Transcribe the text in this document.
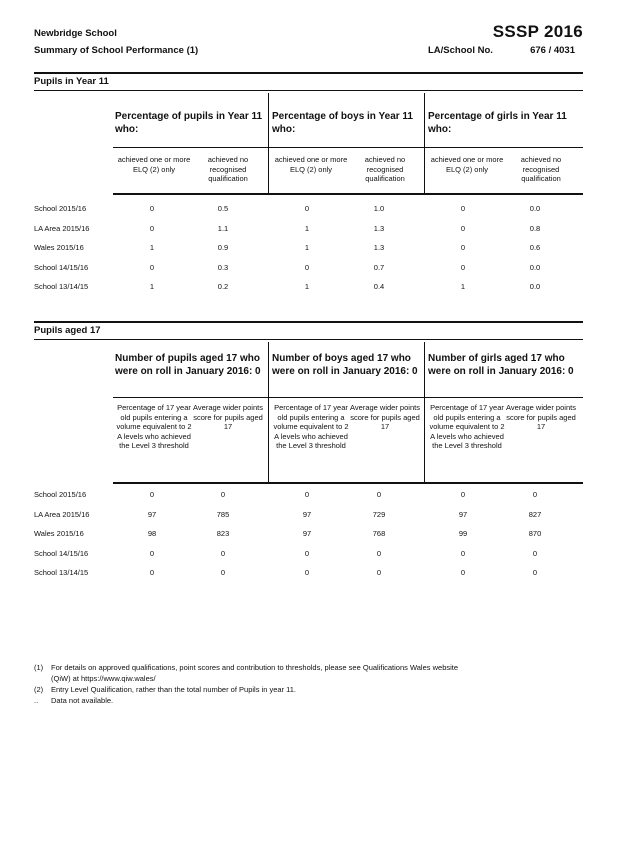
Newbridge School
Summary of School Performance (1)
SSSP 2016
LA/School No.	676 / 4031
Pupils in Year 11
Percentage of pupils in Year 11 who:
achieved one or more ELQ (2) only
achieved no recognised qualification
Percentage of boys in Year 11 who:
achieved one or more ELQ (2) only
achieved no recognised qualification
Percentage of girls in Year 11 who:
achieved one or more ELQ (2) only
achieved no recognised qualification
School 2015/16	0	0.5	0	1.0	0	0.0
LA Area 2015/16	0	1.1	1	1.3	0	0.8
Wales 2015/16	1	0.9	1	1.3	0	0.6
School 14/15/16	0	0.3	0	0.7	0	0.0
School 13/14/15	1	0.2	1	0.4	1	0.0
Pupils aged 17
Number of pupils aged 17 who were on roll in January 2016: 0
Percentage of 17 year old pupils entering a volume equivalent to 2 A levels who achieved the Level 3 threshold
Average wider points score for pupils aged 17
Number of boys aged 17 who were on roll in January 2016: 0
Percentage of 17 year old pupils entering a volume equivalent to 2 A levels who achieved the Level 3 threshold
Average wider points score for pupils aged 17
Number of girls aged 17 who were on roll in January 2016: 0
Percentage of 17 year old pupils entering a volume equivalent to 2 A levels who achieved the Level 3 threshold
Average wider points score for pupils aged 17
School 2015/16	0	0	0	0	0	0
LA Area 2015/16	97	785	97	729	97	827
Wales 2015/16	98	823	97	768	99	870
School 14/15/16	0	0	0	0	0	0
School 13/14/15	0	0	0	0	0	0
(1)	For details on approved qualifications, point scores and contribution to thresholds, please see Qualifications Wales website
(QiW) at https://www.qiw.wales/
(2)	Entry Level Qualification, rather than the total number of Pupils in year 11.
..	Data not available.
